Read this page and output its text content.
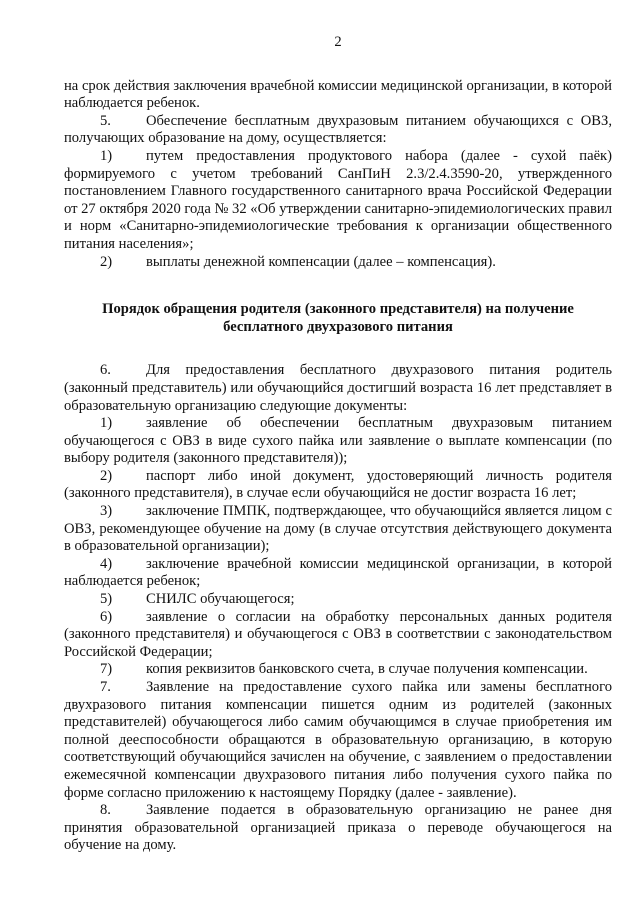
2

на срок действия заключения врачебной комиссии медицинской организации, в которой наблюдается ребенок.

5. Обеспечение бесплатным двухразовым питанием обучающихся с ОВЗ, получающих образование на дому, осуществляется:

1) путем предоставления продуктового набора (далее - сухой паёк) формируемого с учетом требований СанПиН 2.3/2.4.3590-20, утвержденного постановлением Главного государственного санитарного врача Российской Федерации от 27 октября 2020 года № 32 «Об утверждении санитарно-эпидемиологических правил и норм «Санитарно-эпидемиологические требования к организации общественного питания населения»;

2) выплаты денежной компенсации (далее – компенсация).

Порядок обращения родителя (законного представителя) на получение бесплатного двухразового питания

6. Для предоставления бесплатного двухразового питания родитель (законный представитель) или обучающийся достигший возраста 16 лет представляет в образовательную организацию следующие документы:

1) заявление об обеспечении бесплатным двухразовым питанием обучающегося с ОВЗ в виде сухого пайка или заявление о выплате компенсации (по выбору родителя (законного представителя));

2) паспорт либо иной документ, удостоверяющий личность родителя (законного представителя), в случае если обучающийся не достиг возраста 16 лет;

3) заключение ПМПК, подтверждающее, что обучающийся является лицом с ОВЗ, рекомендующее обучение на дому (в случае отсутствия действующего документа в образовательной организации);

4) заключение врачебной комиссии медицинской организации, в которой наблюдается ребенок;

5) СНИЛС обучающегося;

6) заявление о согласии на обработку персональных данных родителя (законного представителя) и обучающегося с ОВЗ в соответствии с законодательством Российской Федерации;

7) копия реквизитов банковского счета, в случае получения компенсации.

7. Заявление на предоставление сухого пайка или замены бесплатного двухразового питания компенсации пишется одним из родителей (законных представителей) обучающегося либо самим обучающимся в случае приобретения им полной дееспособности обращаются в образовательную организацию, в которую соответствующий обучающийся зачислен на обучение, с заявлением о предоставлении ежемесячной компенсации двухразового питания либо получения сухого пайка по форме согласно приложению к настоящему Порядку (далее - заявление).

8. Заявление подается в образовательную организацию не ранее дня принятия образовательной организацией приказа о переводе обучающегося на обучение на дому.
